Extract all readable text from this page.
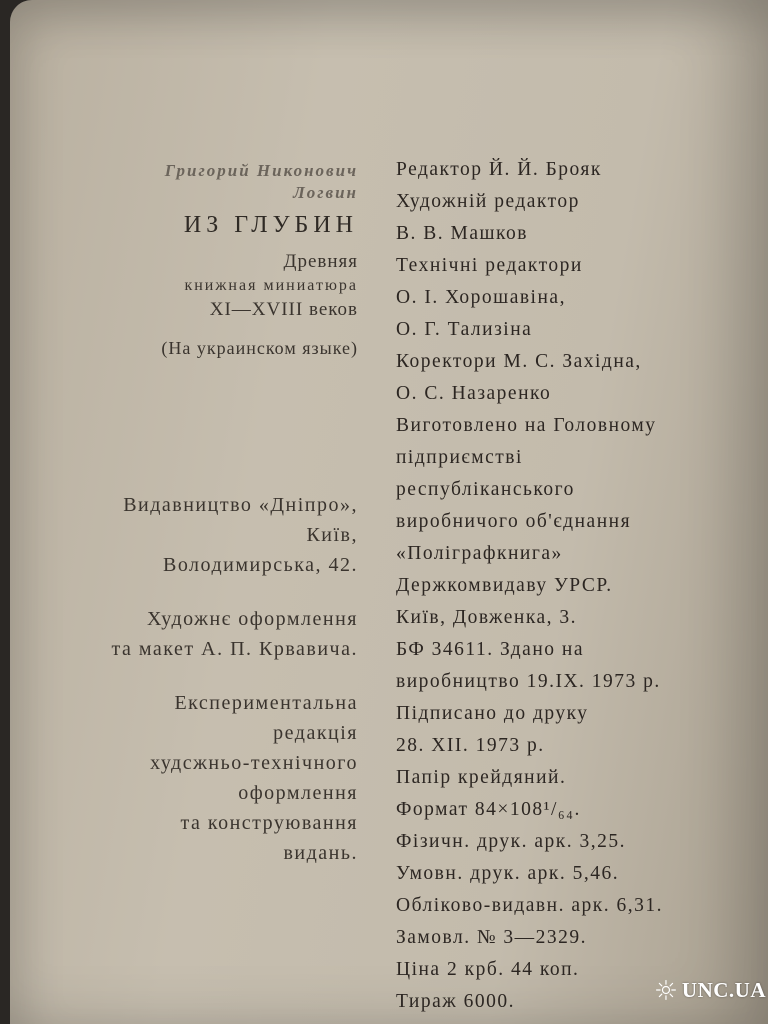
Григорий Никонович
Логвин
ИЗ ГЛУБИН
Древняя
книжная миниатюра
XI—XVIII веков
(На украинском языке)
Видавництво «Дніпро»,
Київ,
Володимирська, 42.
Художнє оформлення
та макет А. П. Крвавича.
Експериментальна
редакція
худсжньо-технічного
оформлення
та конструювання
видань.
Редактор Й. Й. Брояк
Художній редактор
В. В. Машков
Технічні редактори
О. І. Хорошавіна,
О. Г. Тализіна
Коректори М. С. Західна,
О. С. Назаренко
Виготовлено на Головному
підприємстві
республіканського
виробничого об'єднання
«Поліграфкнига»
Держкомвидаву УРСР.
Київ, Довженка, 3.
БФ 34611. Здано на
виробництво 19.IX. 1973 р.
Підписано до друку
28. XII. 1973 р.
Папір крейдяний.
Формат 84×108¹/₆₄.
Фізичн. друк. арк. 3,25.
Умовн. друк. арк. 5,46.
Обліково-видавн. арк. 6,31.
Замовл. № 3—2329.
Ціна 2 крб. 44 коп.
Тираж 6000.	UNC.UA
